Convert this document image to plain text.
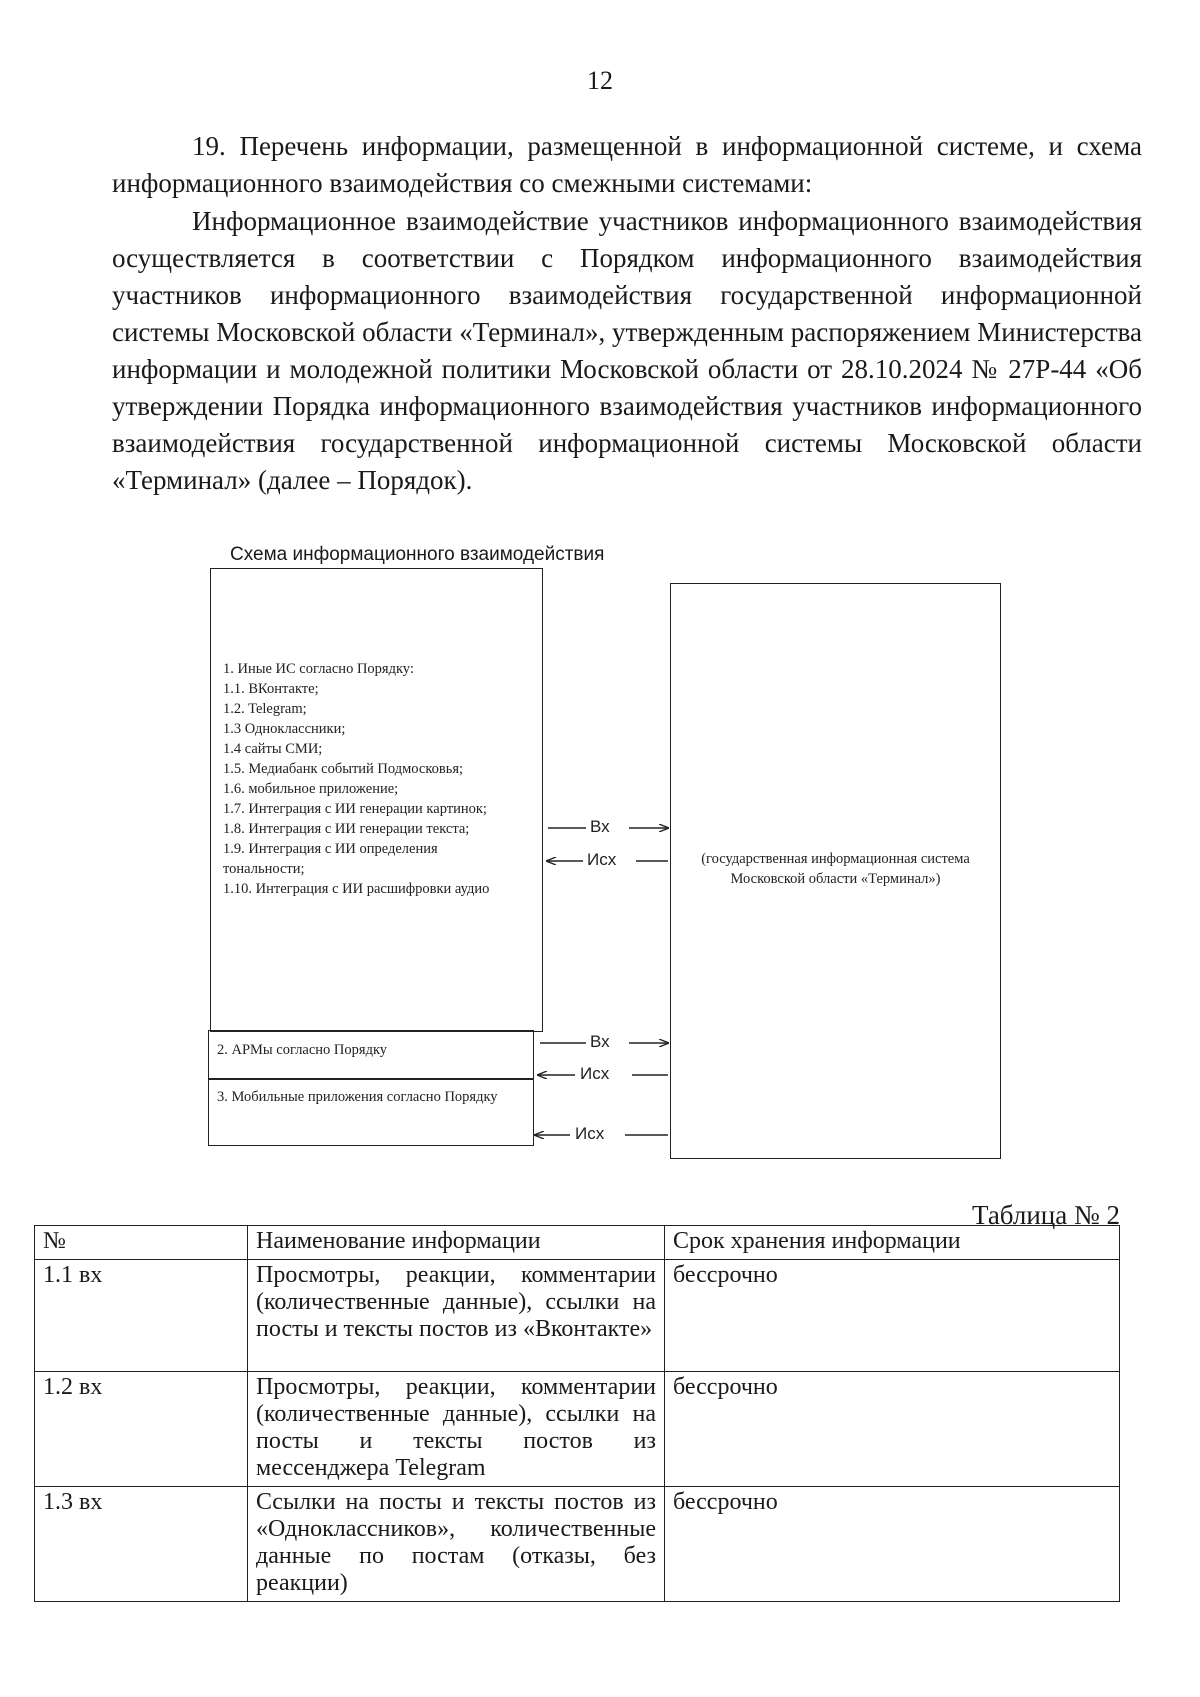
12

19. Перечень информации, размещенной в информационной системе, и схема информационного взаимодействия со смежными системами:

Информационное взаимодействие участников информационного взаимодействия осуществляется в соответствии с Порядком информационного взаимодействия участников информационного взаимодействия государственной информационной системы Московской области «Терминал», утвержденным распоряжением Министерства информации и молодежной политики Московской области от 28.10.2024 № 27Р-44 «Об утверждении Порядка информационного взаимодействия участников информационного взаимодействия государственной информационной системы Московской области «Терминал» (далее – Порядок).

Схема информационного взаимодействия
1. Иные ИС согласно Порядку:
1.1. ВКонтакте;
1.2. Telegram;
1.3 Одноклассники;
1.4 сайты СМИ;
1.5. Медиабанк событий Подмосковья;
1.6. мобильное приложение;
1.7. Интеграция с ИИ генерации картинок;
1.8. Интеграция с ИИ генерации текста;
1.9. Интеграция с ИИ определения
тональности;
1.10. Интеграция с ИИ расшифровки аудио
2. АРМы согласно Порядку
3. Мобильные приложения согласно Порядку
(государственная информационная система Московской области «Терминал»)
Вх
Исх
Вх
Исх
Исх
Таблица № 2
№	Наименование информации	Срок хранения информации
1.1 вх	Просмотры, реакции, комментарии (количественные данные), ссылки на посты и тексты постов из «Вконтакте»	бессрочно
1.2 вх	Просмотры, реакции, комментарии (количественные данные), ссылки на посты и тексты постов из мессенджера Telegram	бессрочно
1.3 вх	Ссылки на посты и тексты постов из «Одноклассников», количественные данные по постам (отказы, без реакции)	бессрочно
